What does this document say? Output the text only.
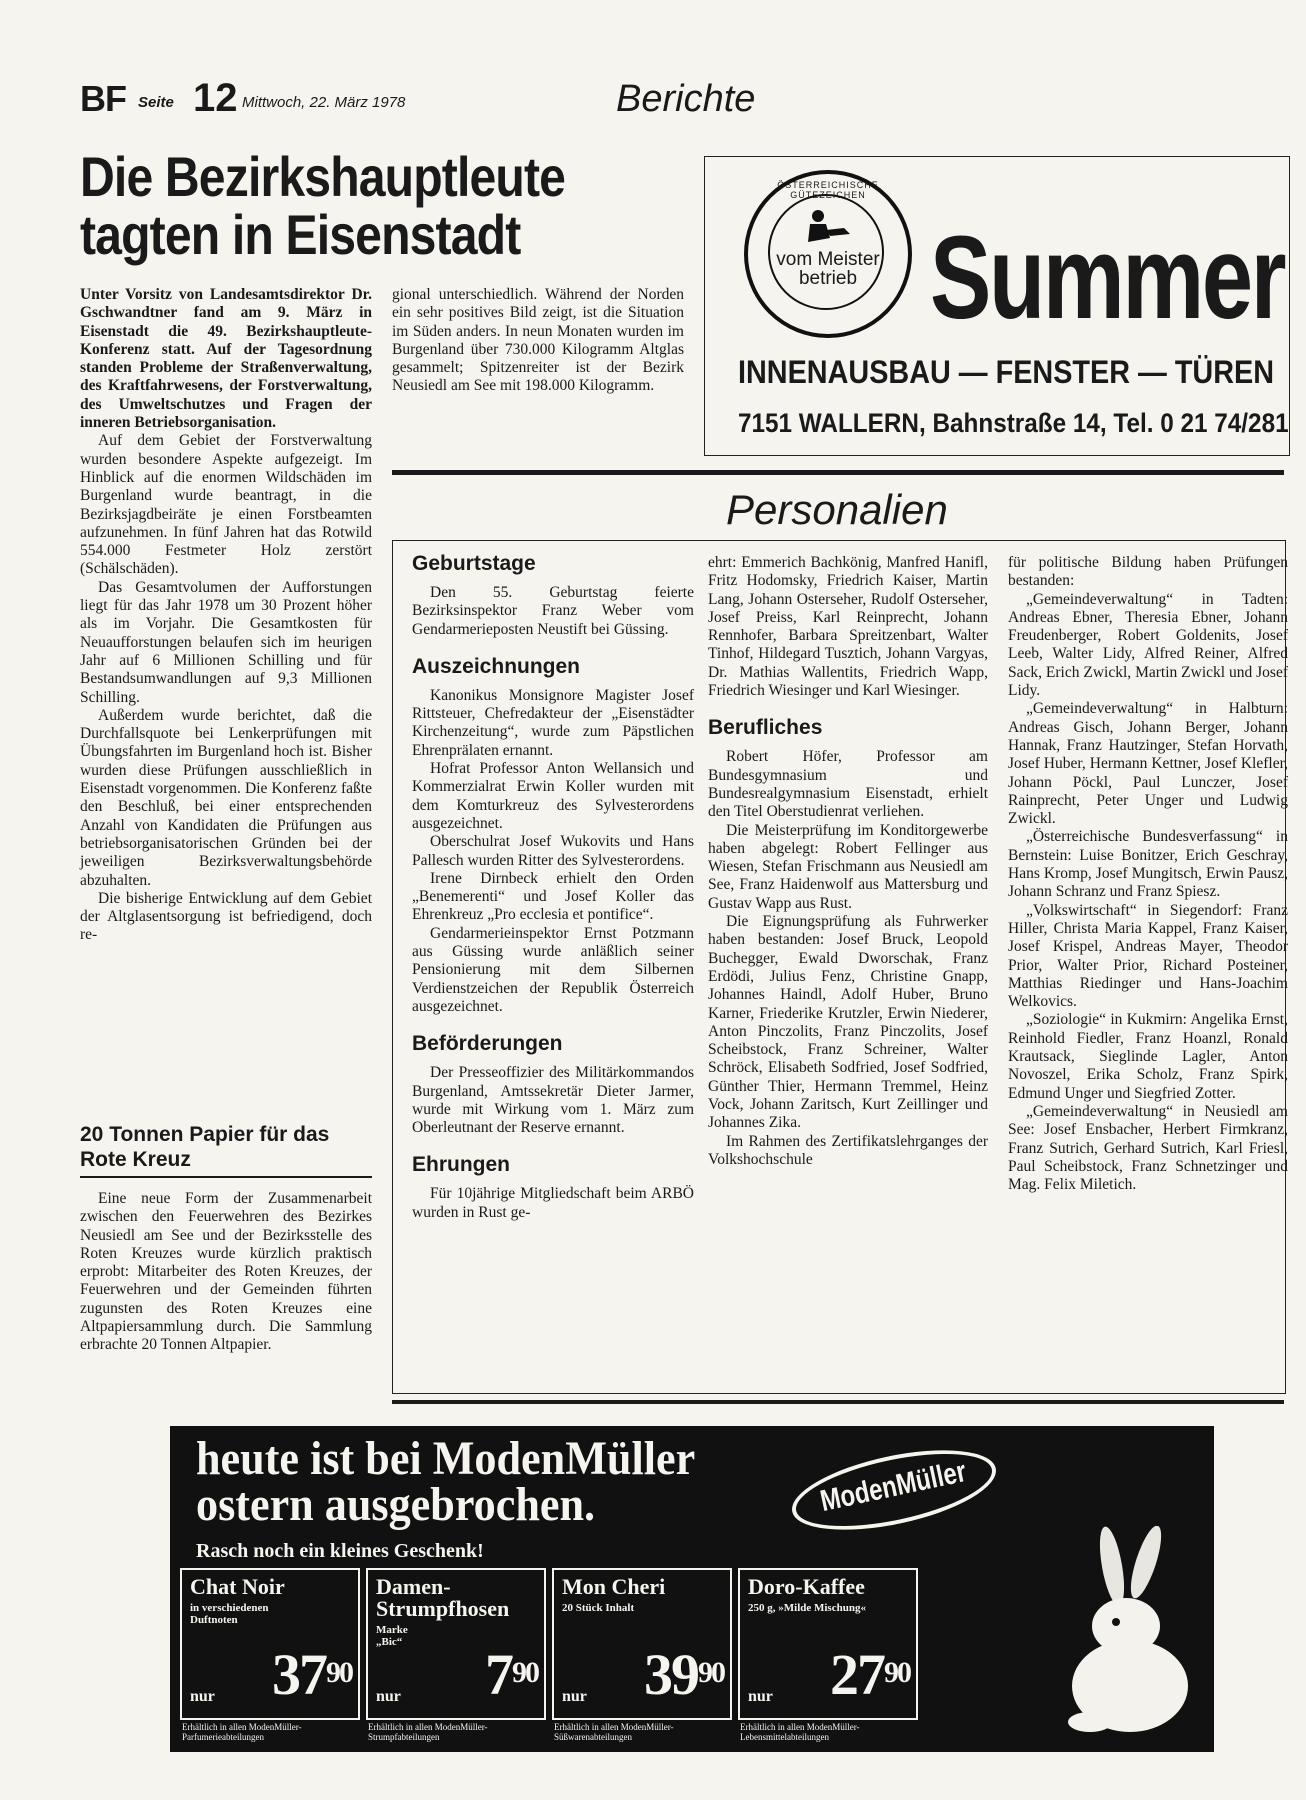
BF Seite 12 Mittwoch, 22. März 1978	Berichte
Die Bezirkshauptleute
tagten in Eisenstadt

Unter Vorsitz von Landesamtsdirektor Dr. Gschwandtner fand am 9. März in Eisenstadt die 49. Bezirkshauptleute-Konferenz statt. Auf der Tagesordnung standen Probleme der Straßenverwaltung, des Kraftfahrwesens, der Forstverwaltung, des Umweltschutzes und Fragen der inneren Betriebsorganisation.

Auf dem Gebiet der Forstverwaltung wurden besondere Aspekte aufgezeigt. Im Hinblick auf die enormen Wildschäden im Burgenland wurde beantragt, in die Bezirksjagdbeiräte je einen Forstbeamten aufzunehmen. In fünf Jahren hat das Rotwild 554.000 Festmeter Holz zerstört (Schälschäden).

Das Gesamtvolumen der Aufforstungen liegt für das Jahr 1978 um 30 Prozent höher als im Vorjahr. Die Gesamtkosten für Neuaufforstungen belaufen sich im heurigen Jahr auf 6 Millionen Schilling und für Bestandsumwandlungen auf 9,3 Millionen Schilling.

Außerdem wurde berichtet, daß die Durchfallsquote bei Lenkerprüfungen mit Übungsfahrten im Burgenland hoch ist. Bisher wurden diese Prüfungen ausschließlich in Eisenstadt vorgenommen. Die Konferenz faßte den Beschluß, bei einer entsprechenden Anzahl von Kandidaten die Prüfungen aus betriebsorganisatorischen Gründen bei der jeweiligen Bezirksverwaltungsbehörde abzuhalten.

Die bisherige Entwicklung auf dem Gebiet der Altglasentsorgung ist befriedigend, doch re-

gional unterschiedlich. Während der Norden ein sehr positives Bild zeigt, ist die Situation im Süden anders. In neun Monaten wurden im Burgenland über 730.000 Kilogramm Altglas gesammelt; Spitzenreiter ist der Bezirk Neusiedl am See mit 198.000 Kilogramm.

20 Tonnen Papier für das Rote Kreuz

Eine neue Form der Zusammenarbeit zwischen den Feuerwehren des Bezirkes Neusiedl am See und der Bezirksstelle des Roten Kreuzes wurde kürzlich praktisch erprobt: Mitarbeiter des Roten Kreuzes, der Feuerwehren und der Gemeinden führten zugunsten des Roten Kreuzes eine Altpapiersammlung durch. Die Sammlung erbrachte 20 Tonnen Altpapier.

ÖSTERREICHISCHE GÜTEZEICHEN
vom Meister betrieb Summer
INNENAUSBAU — FENSTER — TÜREN
7151 WALLERN, Bahnstraße 14, Tel. 0 21 74/281
Personalien
Geburtstage

Den 55. Geburtstag feierte Bezirksinspektor Franz Weber vom Gendarmerieposten Neustift bei Güssing.

Auszeichnungen

Kanonikus Monsignore Magister Josef Rittsteuer, Chefredakteur der „Eisenstädter Kirchenzeitung“, wurde zum Päpstlichen Ehrenprälaten ernannt.

Hofrat Professor Anton Wellansich und Kommerzialrat Erwin Koller wurden mit dem Komturkreuz des Sylvesterordens ausgezeichnet.

Oberschulrat Josef Wukovits und Hans Pallesch wurden Ritter des Sylvesterordens.

Irene Dirnbeck erhielt den Orden „Benemerenti“ und Josef Koller das Ehrenkreuz „Pro ecclesia et pontifice“.

Gendarmerieinspektor Ernst Potzmann aus Güssing wurde anläßlich seiner Pensionierung mit dem Silbernen Verdienstzeichen der Republik Österreich ausgezeichnet.

Beförderungen

Der Presseoffizier des Militärkommandos Burgenland, Amtssekretär Dieter Jarmer, wurde mit Wirkung vom 1. März zum Oberleutnant der Reserve ernannt.

Ehrungen

Für 10jährige Mitgliedschaft beim ARBÖ wurden in Rust ge-

ehrt: Emmerich Bachkönig, Manfred Hanifl, Fritz Hodomsky, Friedrich Kaiser, Martin Lang, Johann Osterseher, Rudolf Osterseher, Josef Preiss, Karl Reinprecht, Johann Rennhofer, Barbara Spreitzenbart, Walter Tinhof, Hildegard Tusztich, Johann Vargyas, Dr. Mathias Wallentits, Friedrich Wapp, Friedrich Wiesinger und Karl Wiesinger.

Berufliches

Robert Höfer, Professor am Bundesgymnasium und Bundesrealgymnasium Eisenstadt, erhielt den Titel Oberstudienrat verliehen.

Die Meisterprüfung im Konditorgewerbe haben abgelegt: Robert Fellinger aus Wiesen, Stefan Frischmann aus Neusiedl am See, Franz Haidenwolf aus Mattersburg und Gustav Wapp aus Rust.

Die Eignungsprüfung als Fuhrwerker haben bestanden: Josef Bruck, Leopold Buchegger, Ewald Dworschak, Franz Erdödi, Julius Fenz, Christine Gnapp, Johannes Haindl, Adolf Huber, Bruno Karner, Friederike Krutzler, Erwin Niederer, Anton Pinczolits, Franz Pinczolits, Josef Scheibstock, Franz Schreiner, Walter Schröck, Elisabeth Sodfried, Josef Sodfried, Günther Thier, Hermann Tremmel, Heinz Vock, Johann Zaritsch, Kurt Zeillinger und Johannes Zika.

Im Rahmen des Zertifikatslehrganges der Volkshochschule

für politische Bildung haben Prüfungen bestanden:

„Gemeindeverwaltung“ in Tadten: Andreas Ebner, Theresia Ebner, Johann Freudenberger, Robert Goldenits, Josef Leeb, Walter Lidy, Alfred Reiner, Alfred Sack, Erich Zwickl, Martin Zwickl und Josef Lidy.

„Gemeindeverwaltung“ in Halbturn: Andreas Gisch, Johann Berger, Johann Hannak, Franz Hautzinger, Stefan Horvath, Josef Huber, Hermann Kettner, Josef Klefler, Johann Pöckl, Paul Lunczer, Josef Rainprecht, Peter Unger und Ludwig Zwickl.

„Österreichische Bundesverfassung“ in Bernstein: Luise Bonitzer, Erich Geschray, Hans Kromp, Josef Mungitsch, Erwin Pausz, Johann Schranz und Franz Spiesz.

„Volkswirtschaft“ in Siegendorf: Franz Hiller, Christa Maria Kappel, Franz Kaiser, Josef Krispel, Andreas Mayer, Theodor Prior, Walter Prior, Richard Posteiner, Matthias Riedinger und Hans-Joachim Welkovics.

„Soziologie“ in Kukmirn: Angelika Ernst, Reinhold Fiedler, Franz Hoanzl, Ronald Krautsack, Sieglinde Lagler, Anton Novoszel, Erika Scholz, Franz Spirk, Edmund Unger und Siegfried Zotter.

„Gemeindeverwaltung“ in Neusiedl am See: Josef Ensbacher, Herbert Firmkranz, Franz Sutrich, Gerhard Sutrich, Karl Friesl, Paul Scheibstock, Franz Schnetzinger und Mag. Felix Miletich.

heute ist bei ModenMüller
ostern ausgebrochen.
Rasch noch ein kleines Geschenk!
ModenMüller
Chat Noir
in verschiedenen Duftnoten
nur $37^{90}$
Erhältlich in allen ModenMüller-Parfumerieabteilungen
Damen-Strumpfhosen
Marke „Bic“
nur $7^{90}$
Erhältlich in allen ModenMüller-Strumpfabteilungen
Mon Cheri
20 Stück Inhalt
nur $39^{90}$
Erhältlich in allen ModenMüller-Süßwarenabteilungen
Doro-Kaffee
250 g, »Milde Mischung«
nur $27^{90}$
Erhältlich in allen ModenMüller-Lebensmittelabteilungen
